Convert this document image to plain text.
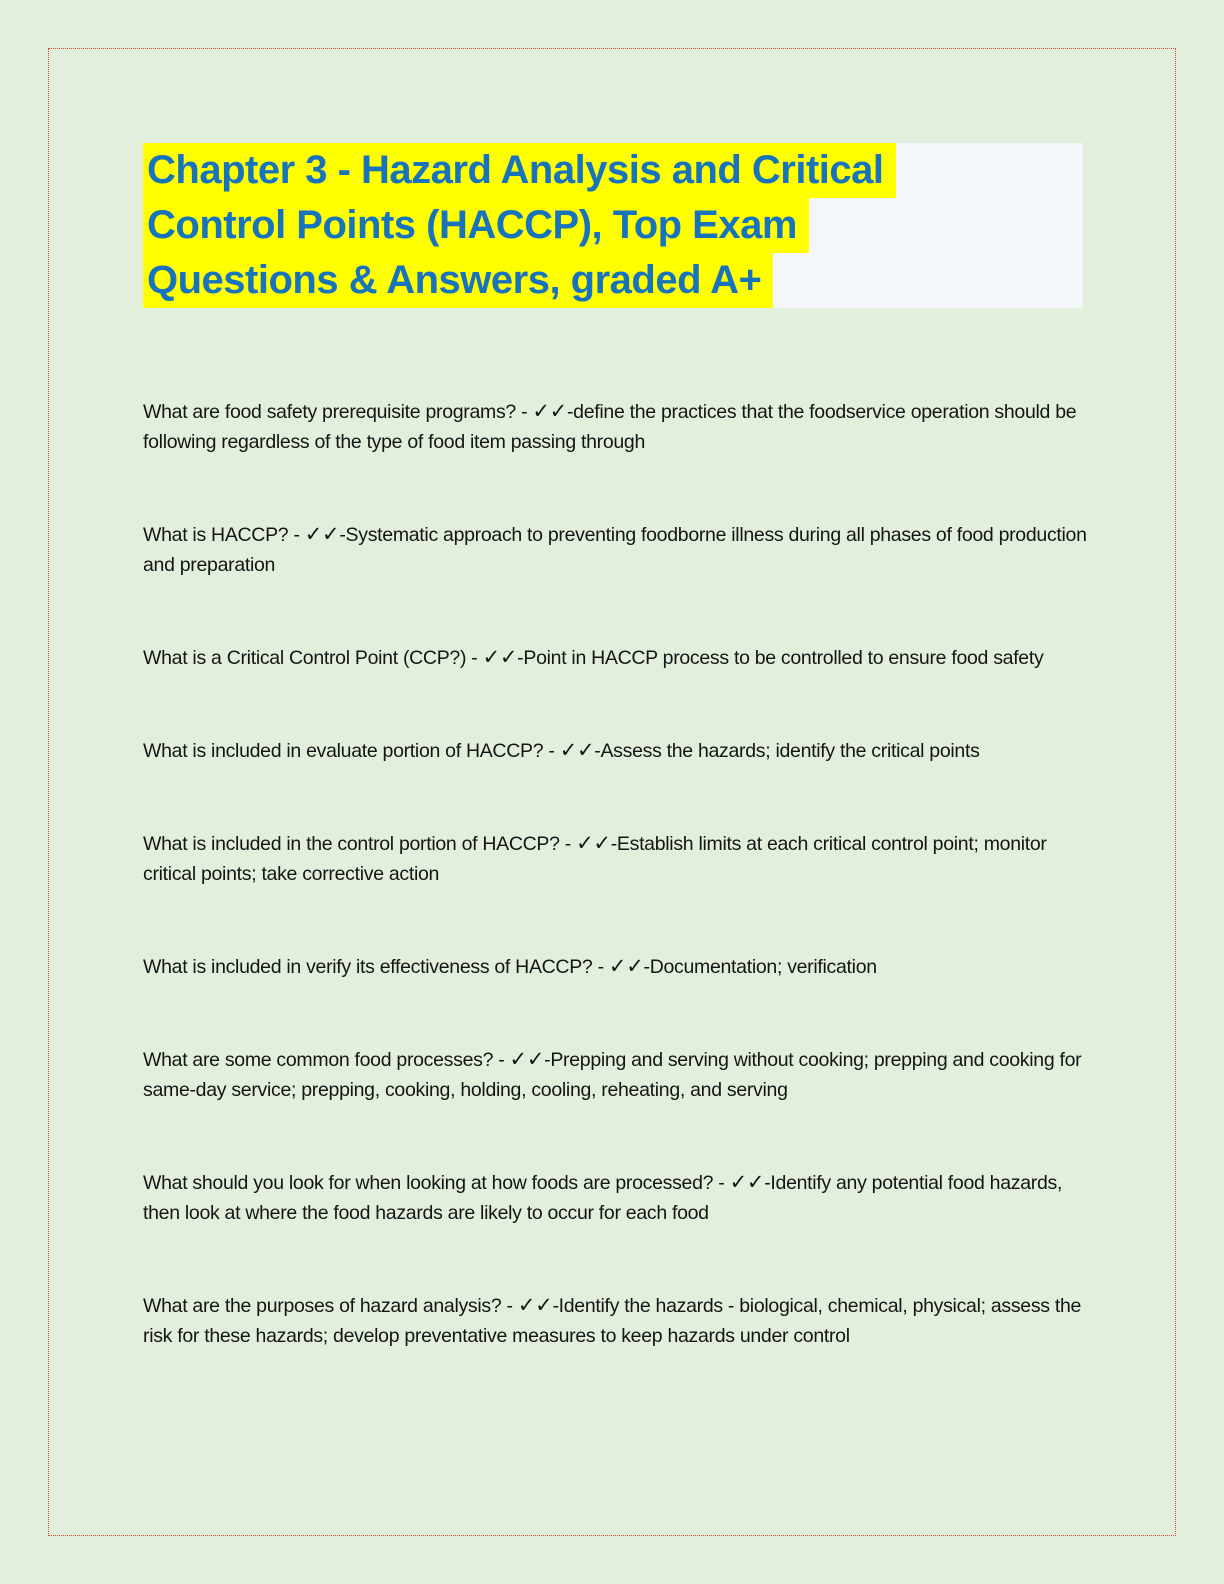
Chapter 3 - Hazard Analysis and Critical
Control Points (HACCP), Top Exam
Questions & Answers, graded A+

What are food safety prerequisite programs? - ✓✓-define the practices that the foodservice operation should be following regardless of the type of food item passing through

What is HACCP? - ✓✓-Systematic approach to preventing foodborne illness during all phases of food production and preparation

What is a Critical Control Point (CCP?) - ✓✓-Point in HACCP process to be controlled to ensure food safety

What is included in evaluate portion of HACCP? - ✓✓-Assess the hazards; identify the critical points

What is included in the control portion of HACCP? - ✓✓-Establish limits at each critical control point; monitor critical points; take corrective action

What is included in verify its effectiveness of HACCP? - ✓✓-Documentation; verification

What are some common food processes? - ✓✓-Prepping and serving without cooking; prepping and cooking for same-day service; prepping, cooking, holding, cooling, reheating, and serving

What should you look for when looking at how foods are processed? - ✓✓-Identify any potential food hazards, then look at where the food hazards are likely to occur for each food

What are the purposes of hazard analysis? - ✓✓-Identify the hazards - biological, chemical, physical; assess the risk for these hazards; develop preventative measures to keep hazards under control
